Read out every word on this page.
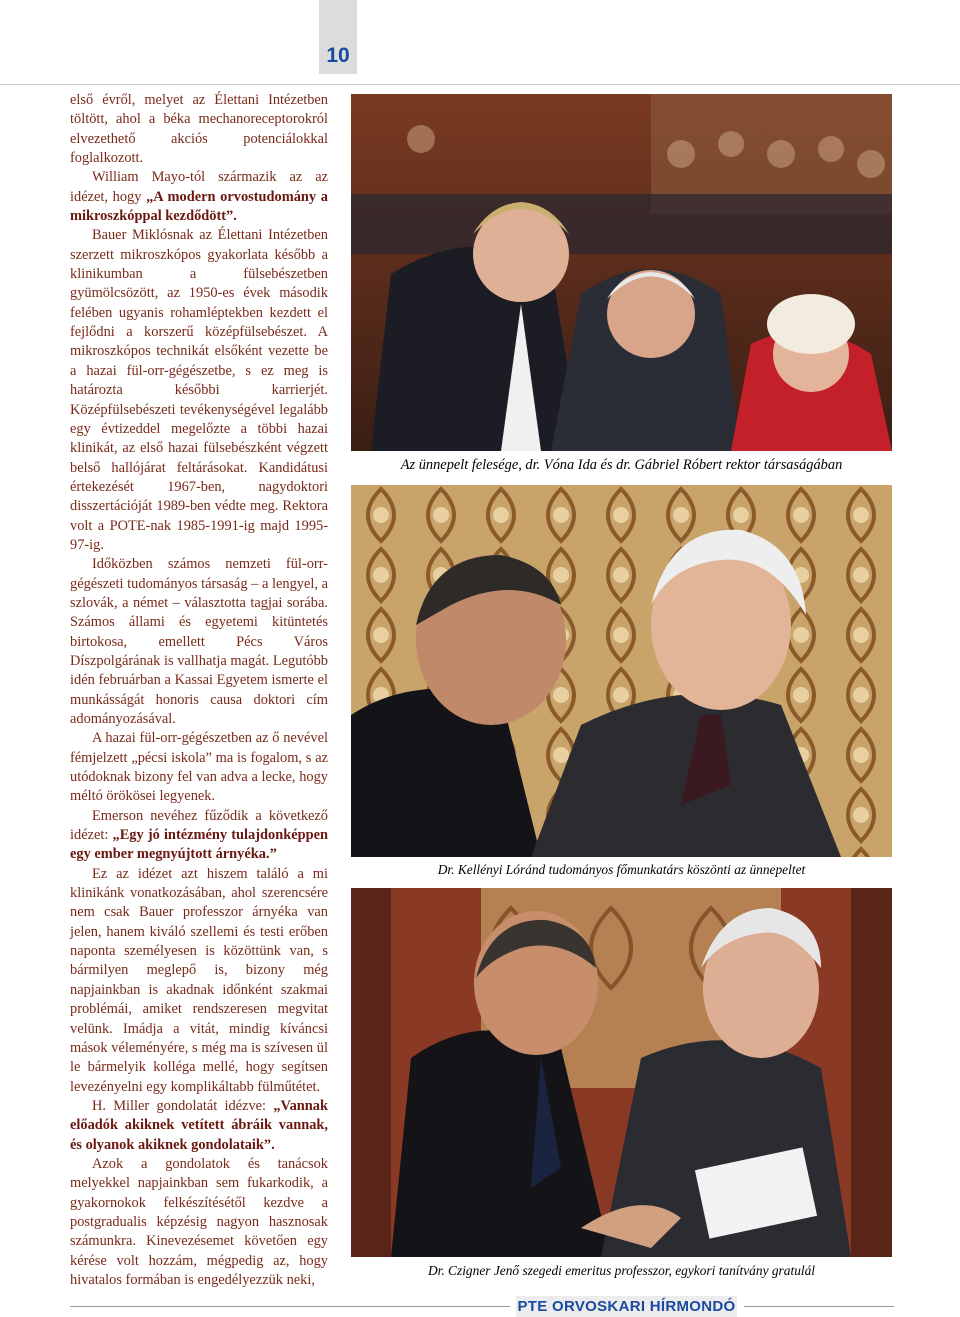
10

első évről, melyet az Élettani Intézetben töltött, ahol a béka mechanoreceptorokról elvezethető akciós potenciálokkal foglalkozott.

William Mayo-tól származik az az idézet, hogy „A modern orvostudomány a mikroszkóppal kezdődött”.

Bauer Miklósnak az Élettani Intézetben szerzett mikroszkópos gyakorlata később a klinikumban a fülsebészetben gyümölcsözött, az 1950-es évek második felében ugyanis rohamléptekben kezdett el fejlődni a korszerű középfülsebészet. A mikroszkópos technikát elsőként vezette be a hazai fül-orr-gégészetbe, s ez meg is határozta későbbi karrierjét. Középfülsebészeti tevékenységével legalább egy évtizeddel megelőzte a többi hazai klinikát, az első hazai fülsebészként végzett belső hallójárat feltárásokat. Kandidátusi értekezését 1967-ben, nagydoktori disszertációját 1989-ben védte meg. Rektora volt a POTE-nak 1985-1991-ig majd 1995-97-ig.

Időközben számos nemzeti fül-orr-gégészeti tudományos társaság – a lengyel, a szlovák, a német – választotta tagjai sorába. Számos állami és egyetemi kitüntetés birtokosa, emellett Pécs Város Díszpolgárának is vallhatja magát. Legutóbb idén februárban a Kassai Egyetem ismerte el munkásságát honoris causa doktori cím adományozásával.

A hazai fül-orr-gégészetben az ő nevével fémjelzett „pécsi iskola” ma is fogalom, s az utódoknak bizony fel van adva a lecke, hogy méltó örökösei legyenek.

Emerson nevéhez fűződik a következő idézet: „Egy jó intézmény tulajdonképpen egy ember megnyújtott árnyéka.”

Ez az idézet azt hiszem találó a mi klinikánk vonatkozásában, ahol szerencsére nem csak Bauer professzor árnyéka van jelen, hanem kiváló szellemi és testi erőben naponta személyesen is közöttünk van, s bármilyen meglepő is, bizony még napjainkban is akadnak időnként szakmai problémái, amiket rendszeresen megvitat velünk. Imádja a vitát, mindig kíváncsi mások véleményére, s még ma is szívesen ül le bármelyik kolléga mellé, hogy segítsen levezényelni egy komplikáltabb fülműtétet.

H. Miller gondolatát idézve: „Vannak előadók akiknek vetített ábráik vannak, és olyanok akiknek gondolataik”.

Azok a gondolatok és tanácsok melyekkel napjainkban sem fukarkodik, a gyakornokok felkészítésétől kezdve a postgradualis képzésig nagyon hasznosak számunkra. Kinevezésemet követően egy kérése volt hozzám, mégpedig az, hogy hivatalos formában is engedélyezzük neki,

Az ünnepelt felesége, dr. Vóna Ida és dr. Gábriel Róbert rektor társaságában
Dr. Kellényi Lóránd tudományos főmunkatárs köszönti az ünnepeltet
Dr. Czigner Jenő szegedi emeritus professzor, egykori tanítvány gratulál
PTE ORVOSKARI HÍRMONDÓ
